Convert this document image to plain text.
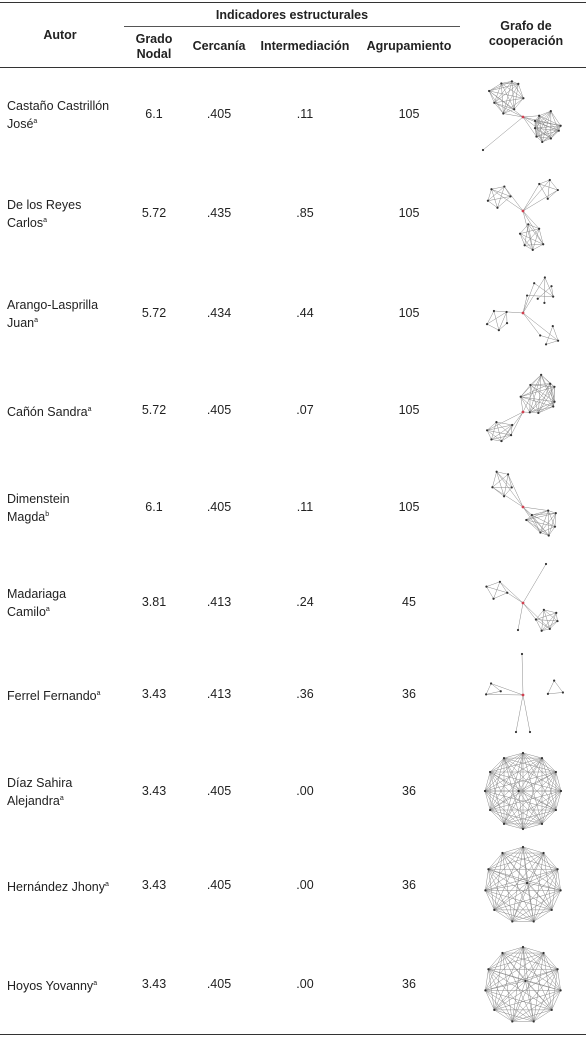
Indicadores estructurales
Autor	Grado
Nodal
Cercanía	Intermediación	Agrupamiento
Grafo de
cooperación
Castaño Castrillón
José$^a$
6.1	.405	.11	105
De los Reyes
Carlos$^a$
5.72	.435	.85	105
Arango-Lasprilla
Juan$^a$
5.72	.434	.44	105
Cañón Sandra$^a$	5.72	.405	.07	105
Dimenstein
Magda$^b$
6.1	.405	.11	105
Madariaga
Camilo$^a$
3.81	.413	.24	45
Ferrel Fernando$^a$	3.43	.413	.36	36
Díaz Sahira
Alejandra$^a$
3.43	.405	.00	36
Hernández Jhony$^a$	3.43	.405	.00	36
Hoyos Yovanny$^a$	3.43	.405	.00	36
